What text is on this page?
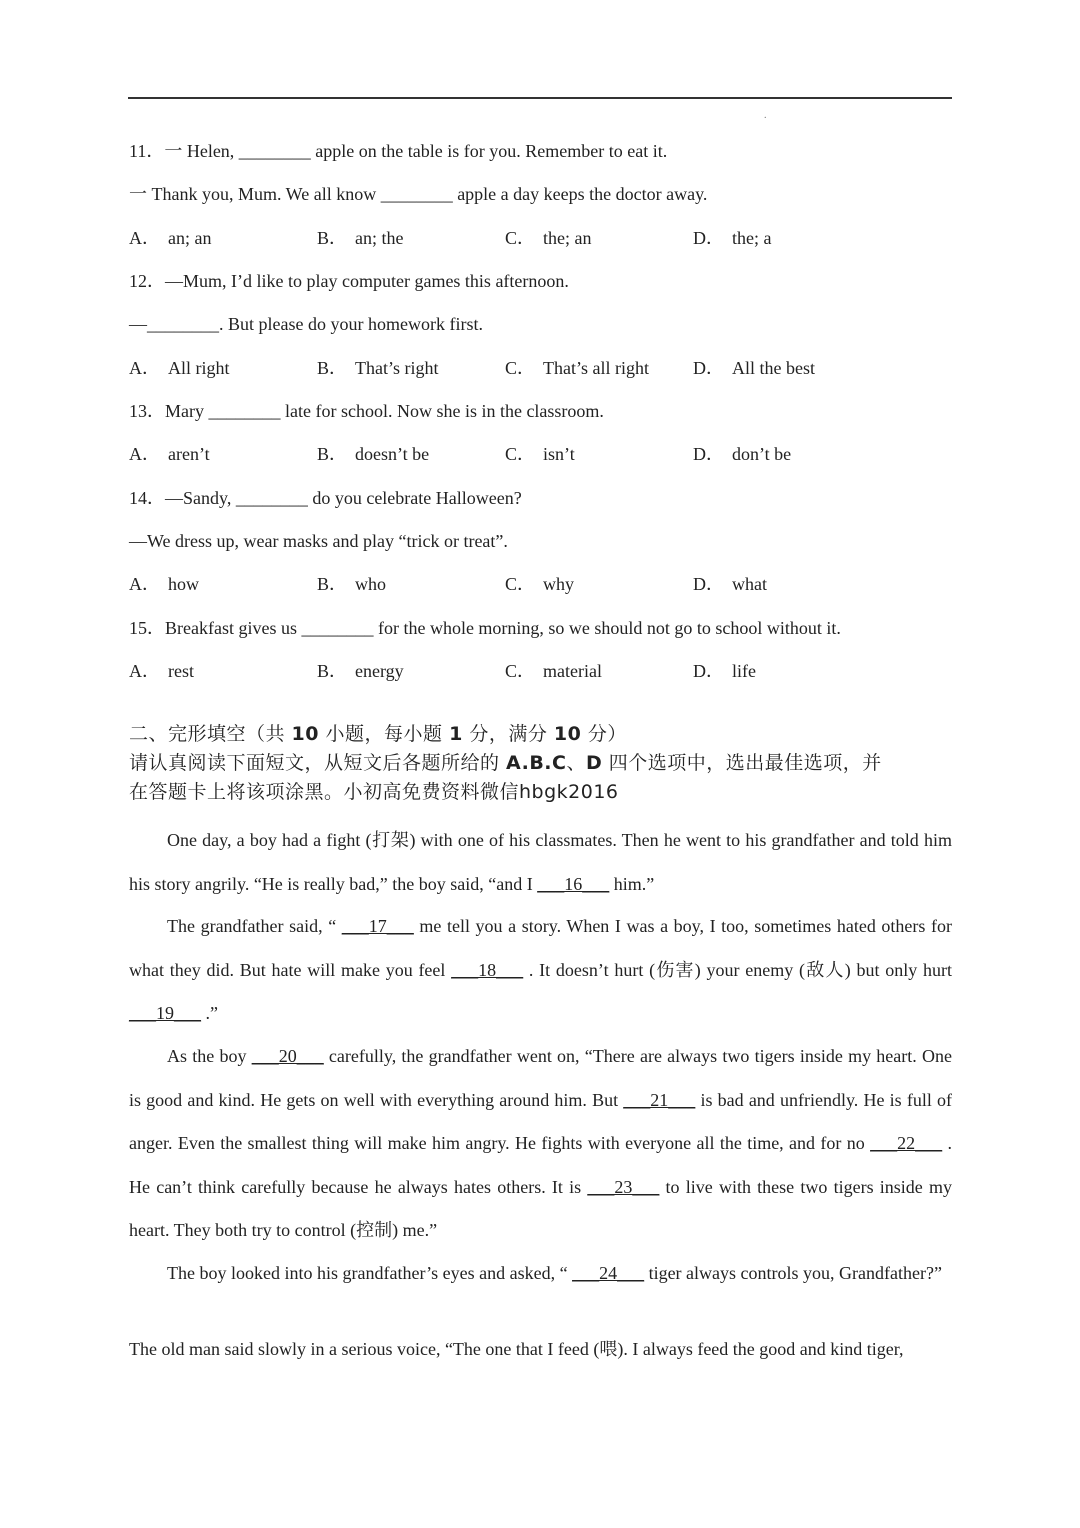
.
11．一 Helen, ________ apple on the table is for you. Remember to eat it.
一 Thank you, Mum. We all know ________ apple a day keeps the doctor away.
A． an; an	B． an; the	C． the; an	D． the; a
12．—Mum, I’d like to play computer games this afternoon.
—________. But please do your homework first.
A． All right	B． That’s right	C． That’s all right D． All the best
13．Mary ________ late for school. Now she is in the classroom.
A． aren’t	B． doesn’t be	C． isn’t	D． don’t be
14．—Sandy, ________ do you celebrate Halloween?
—We dress up, wear masks and play “trick or treat”.
A． how	B． who	C． why	D． what
15．Breakfast gives us ________ for the whole morning, so we should not go to school without it.
A． rest	B． energy	C． material	D． life
二、完形填空（共 10 小题，每小题 1 分，满分 10 分）
请认真阅读下面短文，从短文后各题所给的 A.B.C、D 四个选项中，选出最佳选项，并
在答题卡上将该项涂黑。小初高免费资料微信hbgk2016
One day, a boy had a fight (打架) with one of his classmates. Then he went to his grandfather and told him his story angrily. “He is really bad,” the boy said, “and I ___16___ him.”
The grandfather said, “ ___17___ me tell you a story. When I was a boy, I too, sometimes hated others for what they did. But hate will make you feel ___18___ . It doesn’t hurt (伤害) your enemy (敌人) but only hurt ___19___ .”
As the boy ___20___ carefully, the grandfather went on, “There are always two tigers inside my heart. One is good and kind. He gets on well with everything around him. But ___21___ is bad and unfriendly. He is full of anger. Even the smallest thing will make him angry. He fights with everyone all the time, and for no ___22___ . He can’t think carefully because he always hates others. It is ___23___ to live with these two tigers inside my heart. They both try to control (控制) me.”
The boy looked into his grandfather’s eyes and asked, “ ___24___ tiger always controls you, Grandfather?”
The old man said slowly in a serious voice, “The one that I feed (喂). I always feed the good and kind tiger,
